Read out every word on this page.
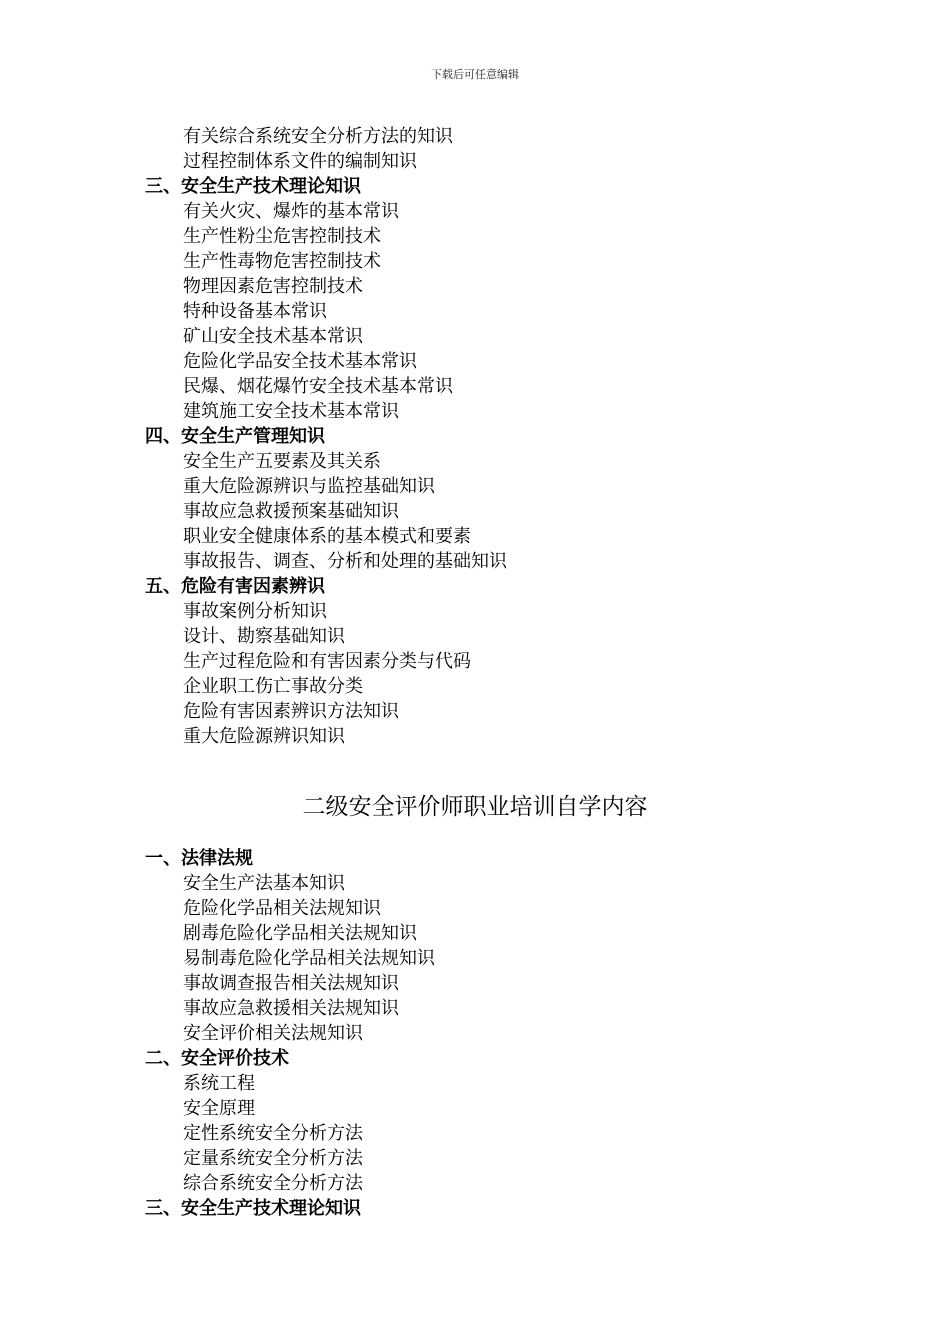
下载后可任意编辑
有关综合系统安全分析方法的知识
过程控制体系文件的编制知识
三、安全生产技术理论知识
有关火灾、爆炸的基本常识
生产性粉尘危害控制技术
生产性毒物危害控制技术
物理因素危害控制技术
特种设备基本常识
矿山安全技术基本常识
危险化学品安全技术基本常识
民爆、烟花爆竹安全技术基本常识
建筑施工安全技术基本常识
四、安全生产管理知识
安全生产五要素及其关系
重大危险源辨识与监控基础知识
事故应急救援预案基础知识
职业安全健康体系的基本模式和要素
事故报告、调查、分析和处理的基础知识
五、危险有害因素辨识
事故案例分析知识
设计、勘察基础知识
生产过程危险和有害因素分类与代码
企业职工伤亡事故分类
危险有害因素辨识方法知识
重大危险源辨识知识
二级安全评价师职业培训自学内容
一、法律法规
安全生产法基本知识
危险化学品相关法规知识
剧毒危险化学品相关法规知识
易制毒危险化学品相关法规知识
事故调查报告相关法规知识
事故应急救援相关法规知识
安全评价相关法规知识
二、安全评价技术
系统工程
安全原理
定性系统安全分析方法
定量系统安全分析方法
综合系统安全分析方法
三、安全生产技术理论知识
